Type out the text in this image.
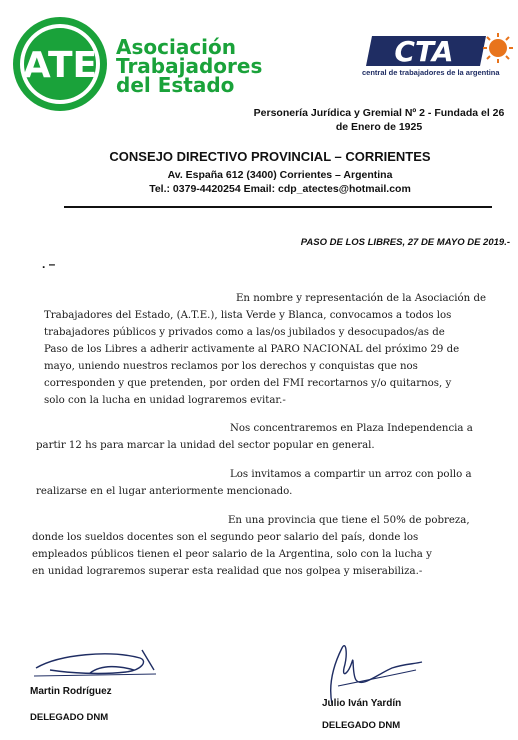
ATE Asociación
Trabajadores
del Estado
CTA
central de trabajadores de la argentina
Personería Jurídica y Gremial Nº 2 - Fundada el 26 de Enero de 1925
CONSEJO DIRECTIVO PROVINCIAL – CORRIENTES
Av. España 612 (3400) Corrientes – Argentina
Tel.: 0379-4420254 Email: cdp_atectes@hotmail.com
PASO DE LOS LIBRES, 27 DE MAYO DE 2019.-
. –
En nombre y representación de la Asociación de
Trabajadores del Estado, (A.T.E.), lista Verde y Blanca, convocamos a todos los
trabajadores públicos y privados como a las/os jubilados y desocupados/as de
Paso de los Libres a adherir activamente al PARO NACIONAL del próximo 29 de
mayo, uniendo nuestros reclamos por los derechos y conquistas que nos
corresponden y que pretenden, por orden del FMI recortarnos y/o quitarnos, y
solo con la lucha en unidad lograremos evitar.-
Nos concentraremos en Plaza Independencia a
partir 12 hs para marcar la unidad del sector popular en general.
Los invitamos a compartir un arroz con pollo a
realizarse en el lugar anteriormente mencionado.
En una provincia que tiene el 50% de pobreza,
donde los sueldos docentes son el segundo peor salario del país, donde los
empleados públicos tienen el peor salario de la Argentina, solo con la lucha y
en unidad lograremos superar esta realidad que nos golpea y miserabiliza.-
Martin Rodríguez
DELEGADO DNM
Julio Iván Yardín
DELEGADO DNM
